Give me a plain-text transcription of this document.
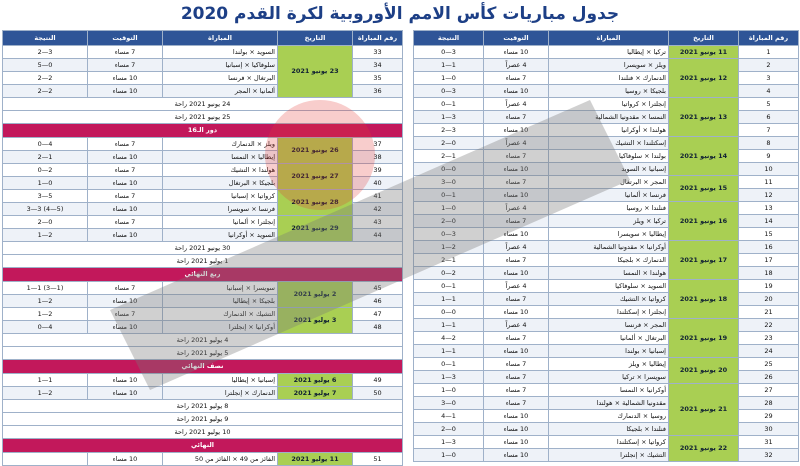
جدول مباريات كأس الامم الأوروبية لكرة القدم 2020
رقم المباراة	التاريخ	المباراة	التوقيت	النتيجة
1	11 يونيو 2021	تركيا × إيطاليا	10 مساء	3—0
2	12 يونيو 2021	ويلز × سويسرا	4 عصراً	1—1
3		الدنمارك × فنلندا	7 مساء	0—1
4		بلجيكا × روسيا	10 مساء	3—0
5	13 يونيو 2021	إنجلترا × كرواتيا	4 عصراً	1—0
6		النمسا × مقدونيا الشمالية	7 مساء	3—1
7		هولندا × أوكرانيا	10 مساء	3—2
8	14 يونيو 2021	إسكتلندا × التشيك	4 عصراً	0—2
9		بولندا × سلوفاكيا	7 مساء	1—2
10		إسبانيا × السويد	10 مساء	0—0
11	15 يونيو 2021	المجر × البرتغال	7 مساء	0—3
12		فرنسا × ألمانيا	10 مساء	1—0
13	16 يونيو 2021	فنلندا × روسيا	4 عصراً	0—1
14		تركيا × ويلز	7 مساء	0—2
15		إيطاليا × سويسرا	10 مساء	3—0
16	17 يونيو 2021	أوكرانيا × مقدونيا الشمالية	4 عصراً	2—1
17		الدنمارك × بلجيكا	7 مساء	1—2
18		هولندا × النمسا	10 مساء	2—0
19	18 يونيو 2021	السويد × سلوفاكيا	4 عصراً	1—0
20		كرواتيا × التشيك	7 مساء	1—1
21		إنجلترا × إسكتلندا	10 مساء	0—0
22	19 يونيو 2021	المجر × فرنسا	4 عصراً	1—1
23		البرتغال × ألمانيا	7 مساء	2—4
24		إسبانيا × بولندا	10 مساء	1—1
25	20 يونيو 2021	إيطاليا × ويلز	7 مساء	1—0
26		سويسرا × تركيا	7 مساء	3—1
27	21 يونيو 2021	أوكرانيا × النمسا	7 مساء	0—1
28		مقدونيا الشمالية × هولندا	7 مساء	0—3
29		روسيا × الدنمارك	10 مساء	1—4
30		فنلندا × بلجيكا	10 مساء	0—2
31	22 يونيو 2021	كرواتيا × إسكتلندا	10 مساء	3—1
32		التشيك × إنجلترا	10 مساء	0—1
رقم المباراة	التاريخ	المباراة	التوقيت	النتيجة
33	23 يونيو 2021	السويد × بولندا	7 مساء	3—2
34		سلوفاكيا × إسبانيا	7 مساء	0—5
35		البرتغال × فرنسا	10 مساء	2—2
36		ألمانيا × المجر	10 مساء	2—2
24 يونيو 2021 راحة				
25 يونيو 2021 راحة				
دور الـ16				
37	26 يونيو 2021	ويلز × الدنمارك	7 مساء	4—0
38		إيطاليا × النمسا	10 مساء	1—2
39	27 يونيو 2021	هولندا × التشيك	7 مساء	2—0
40		بلجيكا × البرتغال	10 مساء	0—1
41	28 يونيو 2021	كرواتيا × إسبانيا	7 مساء	5—3
42		فرنسا × سويسرا	10 مساء	(5—4) 3—3
43	29 يونيو 2021	إنجلترا × ألمانيا	7 مساء	0—2
44		السويد × أوكرانيا	10 مساء	2—1
30 يونيو 2021 راحة				
1 يوليو 2021 راحة				
ربع النهائي				
45	2 يوليو 2021	سويسرا × إسبانيا	7 مساء	(1—3) 1—1
46		بلجيكا × إيطاليا	10 مساء	2—1
47	3 يوليو 2021	التشيك × الدنمارك	7 مساء	2—1
48		أوكرانيا × إنجلترا	10 مساء	4—0
4 يوليو 2021 راحة				
5 يوليو 2021 راحة				
نصف النهائي				
49	6 يوليو 2021	إسبانيا × إيطاليا	10 مساء	1—1
50	7 يوليو 2021	الدنمارك × إنجلترا	10 مساء	2—1
8 يوليو 2021 راحة				
9 يوليو 2021 راحة				
10 يوليو 2021 راحة				
النهائي				
51	11 يوليو 2021	الفائز من 49 × الفائز من 50	10 مساء	
